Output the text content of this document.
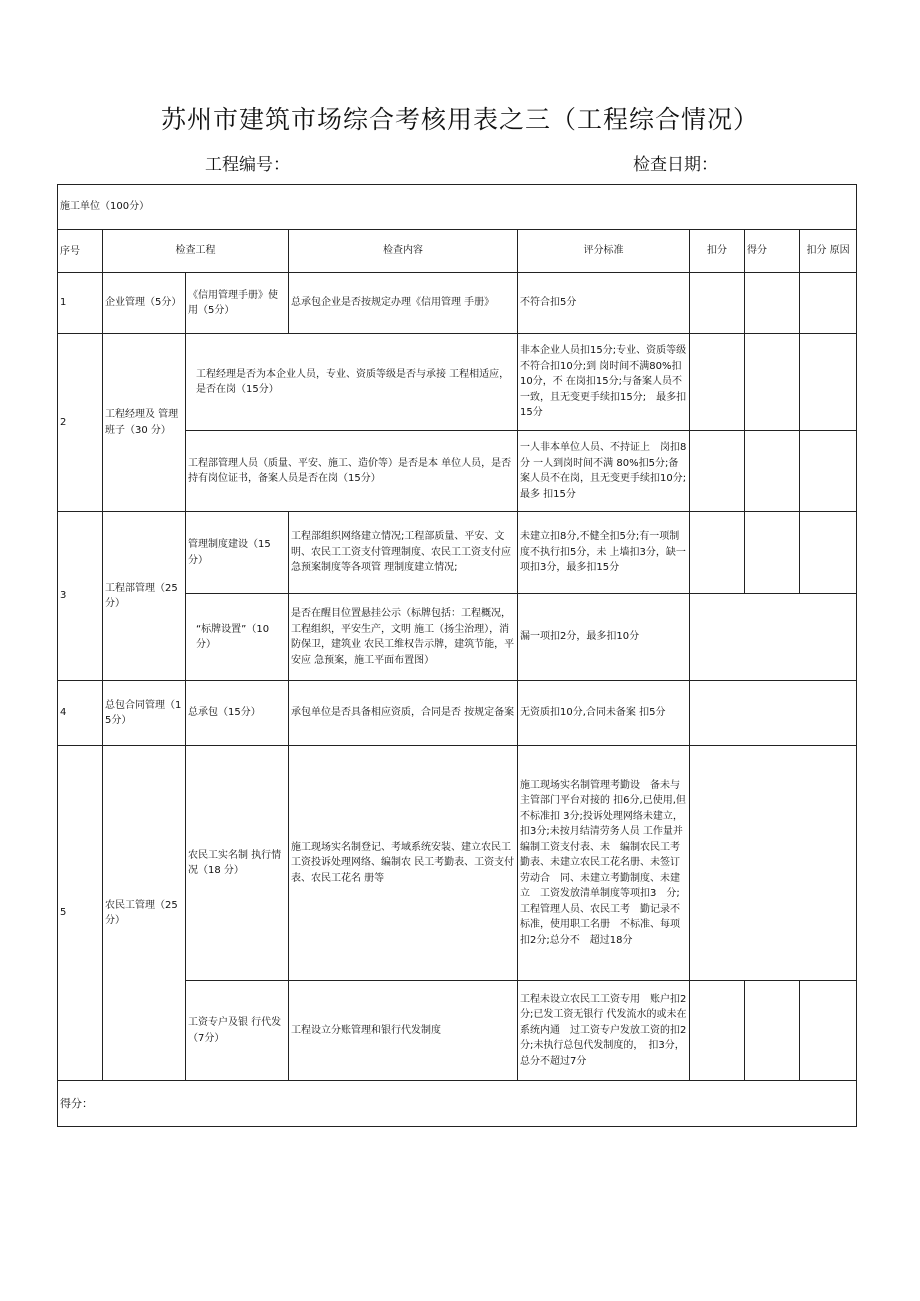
苏州市建筑市场综合考核用表之三（工程综合情况）
工程编号：	检查日期：
施工单位（100分）							
序号	检查工程		检查内容	评分标准	扣分	得分	扣分 原因
1	企业管理（5分）	《信用管理手册》使用（5分）	总承包企业是否按规定办理《信用管理 手册》	不符合扣5分			
2	工程经理及 管理班子（30 分）	工程经理是否为本企业人员，专业、资质等级是否与承接 工程相适应，是否在岗（15分）		非本企业人员扣15分;专业、资质等级不符合扣10分;到 岗时间不满80%扣10分，不 在岗扣15分;与备案人员不 一致，且无变更手续扣15分;　最多扣15分			
		工程部管理人员（质量、平安、施工、造价等）是否是本 单位人员，是否持有岗位证书，备案人员是否在岗（15分）		一人非本单位人员、不持证上　岗扣8分 一人到岗时间不满 80%扣5分;备案人员不在岗，且无变更手续扣10分;最多 扣15分			
3	工程部管理（25 分）	管理制度建设（15 分）	工程部组织网络建立情况;工程部质量、平安、文明、农民工工资支付管理制度、农民工工资支付应急预案制度等各项管 理制度建立情况;	未建立扣8分,不健全扣5分;有一项制度不执行扣5分，未 上墙扣3分，缺一项扣3分，最多扣15分			
		“标牌设置”（10 分）	是否在醒目位置悬挂公示（标牌包括：工程概况，工程组织，平安生产，文明 施工（扬尘治理），消防保卫，建筑业 农民工维权告示牌，建筑节能，平安应 急预案，施工平面布置图）	漏一项扣2分，最多扣10分			
4	总包合同管理（15分）	总承包（15分）	承包单位是否具备相应资质，合同是否 按规定备案	无资质扣10分,合同未备案 扣5分			
5	农民工管理（25 分）	农民工实名制 执行情况（18 分）	施工现场实名制登记、考域系统安装、建立农民工工资投诉处理网络、编制农 民工考勤表、工资支付表、农民工花名 册等	施工现场实名制管理考勤设　备未与主管部门平台对接的 扣6分,已使用,但不标准扣 3分;投诉处理网络未建立，　扣3分;未按月结清劳务人员 工作量并编制工资支付表、未　编制农民工考勤表、未建立农民工花名册、未签订劳动合　同、未建立考勤制度、未建立　工资发放清单制度等项扣3　分;工程管理人员、农民工考　勤记录不标准，使用职工名册　不标准、每项扣2分;总分不　超过18分			
		工资专户及银 行代发（7分）	工程设立分账管理和银行代发制度	工程未设立农民工工资专用　账户扣2分;已发工资无银行 代发流水的或未在系统内通　过工资专户发放工资的扣2　分;未执行总包代发制度的，　扣3分，总分不超过7分			
得分：							
